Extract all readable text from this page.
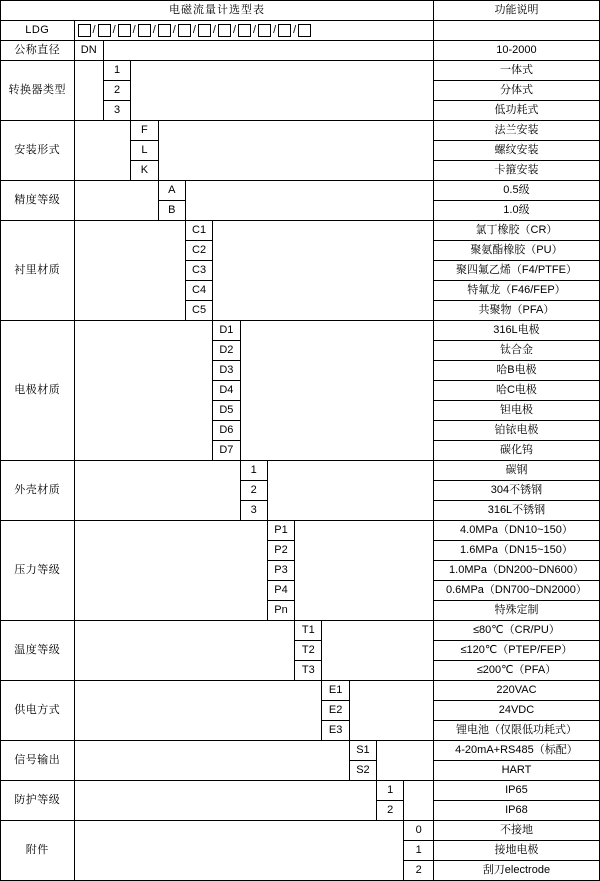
电磁流量计选型表														功能说明
LDG	/ / / / / / / / / / /

公称直径	DN													10-2000
转换器类型		1												一体式
		2												分体式
		3												低功耗式
安装形式			F											法兰安装
			L											螺纹安装
			K											卡箍安装
精度等级				A										0.5级
				B										1.0级
衬里材质					C1									氯丁橡胶（CR）
					C2									聚氨酯橡胶（PU）
					C3									聚四氟乙烯（F4/PTFE）
					C4									特氟龙（F46/FEP）
					C5									共聚物（PFA）
电极材质						D1								316L电极
						D2								钛合金
						D3								哈B电极
						D4								哈C电极
						D5								钽电极
						D6								铂铱电极
						D7								碳化钨
外壳材质							1							碳钢
							2							304不锈钢
							3							316L不锈钢
压力等级								P1						4.0MPa（DN10~150）
								P2						1.6MPa（DN15~150）
								P3						1.0MPa（DN200~DN600）
								P4						0.6MPa（DN700~DN2000）
								Pn						特殊定制
温度等级									T1					≤80℃（CR/PU）
									T2					≤120℃（PTEP/FEP）
									T3					≤200℃（PFA）
供电方式										E1				220VAC
										E2				24VDC
										E3				锂电池（仅限低功耗式）
信号输出											S1			4-20mA+RS485（标配）
											S2			HART
防护等级												1		IP65
												2		IP68
附件													0	不接地
													1	接地电极
													2	刮刀electrode
